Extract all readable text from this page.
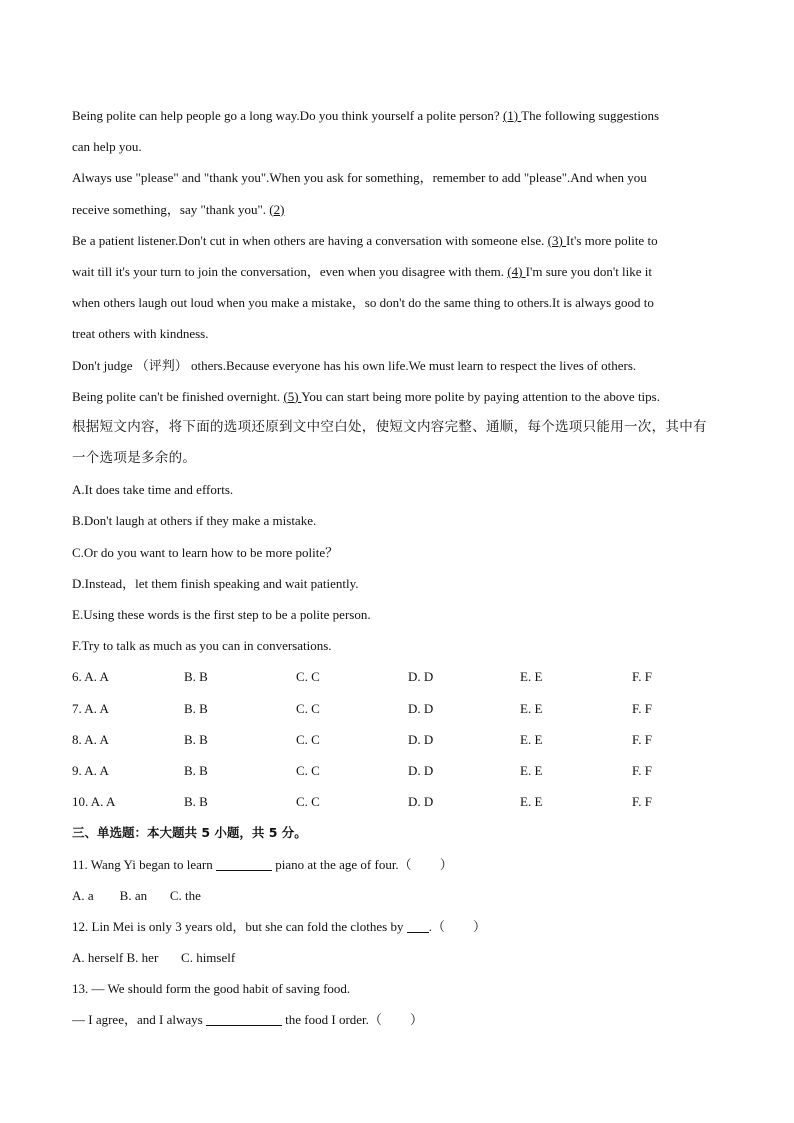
Being polite can help people go a long way.Do you think yourself a polite person? (1) The following suggestions
can help you.
Always use "please" and "thank you".When you ask for something，remember to add "please".And when you
receive something，say "thank you". (2)
Be a patient listener.Don't cut in when others are having a conversation with someone else. (3) It's more polite to
wait till it's your turn to join the conversation，even when you disagree with them. (4) I'm sure you don't like it
when others laugh out loud when you make a mistake，so don't do the same thing to others.It is always good to
treat others with kindness.
Don't judge （评判） others.Because everyone has his own life.We must learn to respect the lives of others.
Being polite can't be finished overnight. (5) You can start being more polite by paying attention to the above tips.
根据短文内容，将下面的选项还原到文中空白处，使短文内容完整、通顺，每个选项只能用一次，其中有
一个选项是多余的。
A.It does take time and efforts.
B.Don't laugh at others if they make a mistake.
C.Or do you want to learn how to be more polite？
D.Instead，let them finish speaking and wait patiently.
E.Using these words is the first step to be a polite person.
F.Try to talk as much as you can in conversations.
6. A. A	B. B	C. C	D. D	E. E	F. F
7. A. A	B. B	C. C	D. D	E. E	F. F
8. A. A	B. B	C. C	D. D	E. E	F. F
9. A. A	B. B	C. C	D. D	E. E	F. F
10. A. A	B. B	C. C	D. D	E. E	F. F
三、单选题：本大题共 5 小题，共 5 分。
11. Wang Yi began to learn	piano at the age of four.（ ）
A. a        B. an       C. the
12. Lin Mei is only 3 years old，but she can fold the clothes by .（ ）
A. herself B. her       C. himself
13. — We should form the good habit of saving food.
— I agree，and I always	the food I order.（ ）
